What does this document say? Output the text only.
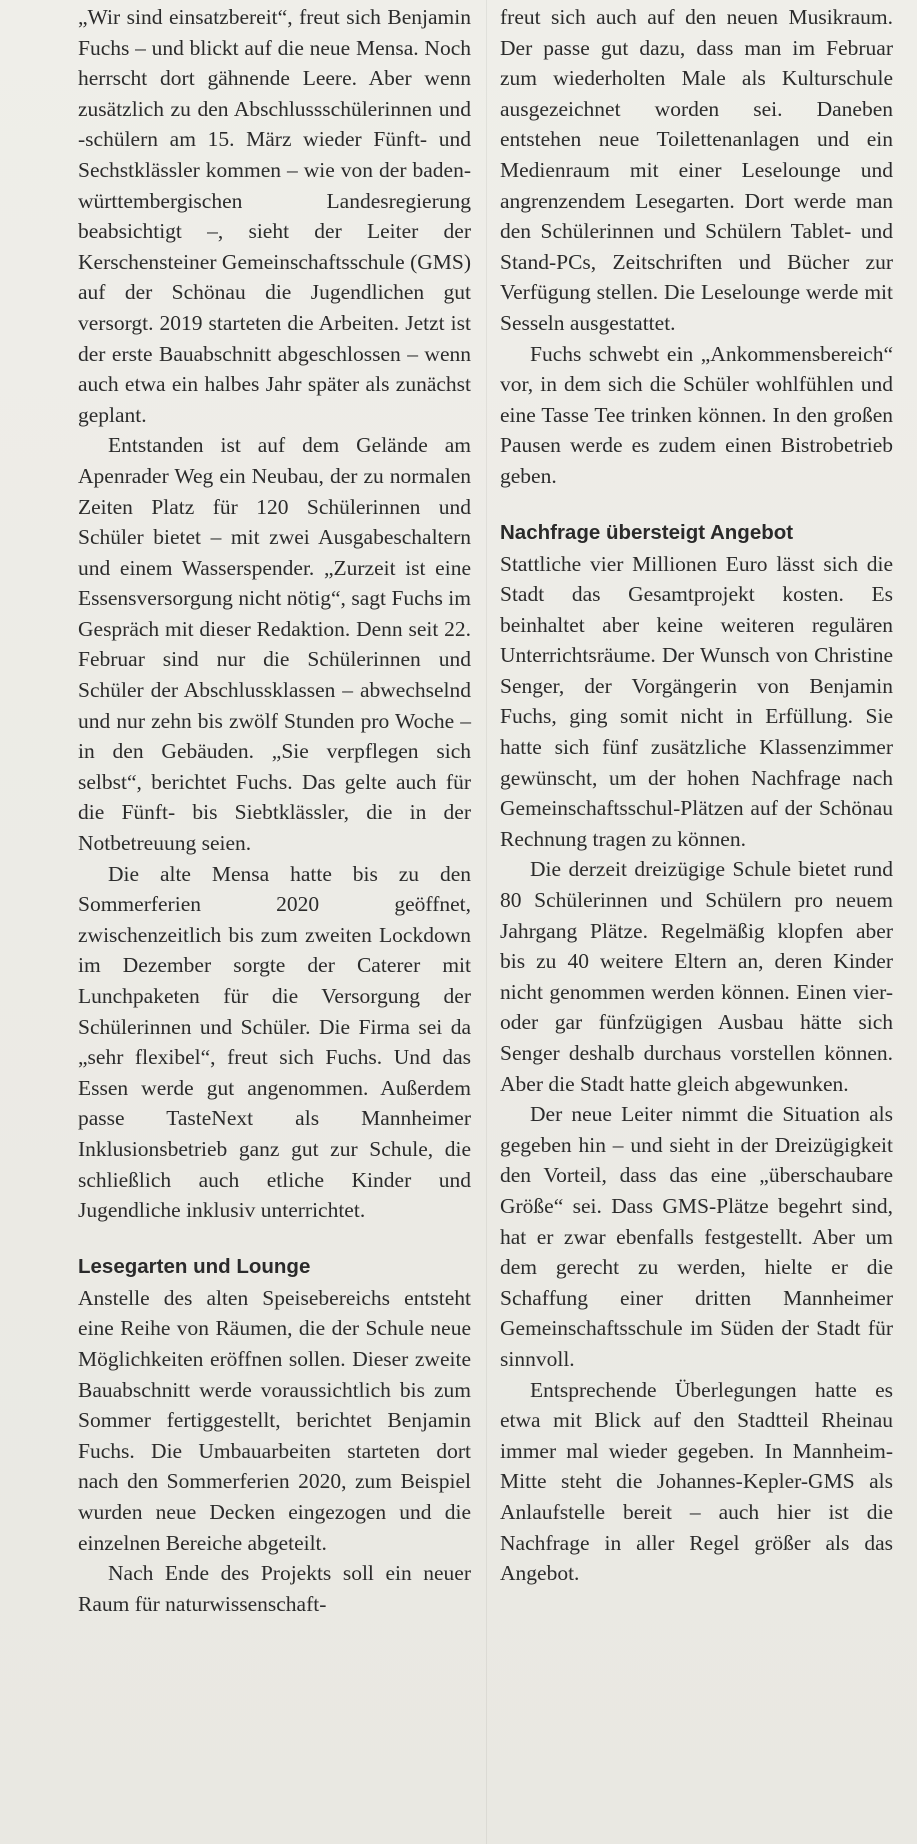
„Wir sind einsatzbereit“, freut sich Benjamin Fuchs – und blickt auf die neue Mensa. Noch herrscht dort gähnende Leere. Aber wenn zusätzlich zu den Abschlussschülerinnen und -schülern am 15. März wieder Fünft- und Sechstklässler kommen – wie von der baden-württembergischen Landesregierung beabsichtigt –, sieht der Leiter der Kerschensteiner Gemeinschaftsschule (GMS) auf der Schönau die Jugendlichen gut versorgt. 2019 starteten die Arbeiten. Jetzt ist der erste Bauabschnitt abgeschlossen – wenn auch etwa ein halbes Jahr später als zunächst geplant.

Entstanden ist auf dem Gelände am Apenrader Weg ein Neubau, der zu normalen Zeiten Platz für 120 Schülerinnen und Schüler bietet – mit zwei Ausgabeschaltern und einem Wasserspender. „Zurzeit ist eine Essensversorgung nicht nötig“, sagt Fuchs im Gespräch mit dieser Redaktion. Denn seit 22. Februar sind nur die Schülerinnen und Schüler der Abschlussklassen – abwechselnd und nur zehn bis zwölf Stunden pro Woche – in den Gebäuden. „Sie verpflegen sich selbst“, berichtet Fuchs. Das gelte auch für die Fünft- bis Siebtklässler, die in der Notbetreuung seien.

Die alte Mensa hatte bis zu den Sommerferien 2020 geöffnet, zwischenzeitlich bis zum zweiten Lockdown im Dezember sorgte der Caterer mit Lunchpaketen für die Versorgung der Schülerinnen und Schüler. Die Firma sei da „sehr flexibel“, freut sich Fuchs. Und das Essen werde gut angenommen. Außerdem passe TasteNext als Mannheimer Inklusionsbetrieb ganz gut zur Schule, die schließlich auch etliche Kinder und Jugendliche inklusiv unterrichtet.

Lesegarten und Lounge

Anstelle des alten Speisebereichs entsteht eine Reihe von Räumen, die der Schule neue Möglichkeiten eröffnen sollen. Dieser zweite Bauabschnitt werde voraussichtlich bis zum Sommer fertiggestellt, berichtet Benjamin Fuchs. Die Umbauarbeiten starteten dort nach den Sommerferien 2020, zum Beispiel wurden neue Decken eingezogen und die einzelnen Bereiche abgeteilt.

Nach Ende des Projekts soll ein neuer Raum für naturwissenschaft-

freut sich auch auf den neuen Musikraum. Der passe gut dazu, dass man im Februar zum wiederholten Male als Kulturschule ausgezeichnet worden sei. Daneben entstehen neue Toilettenanlagen und ein Medienraum mit einer Leselounge und angrenzendem Lesegarten. Dort werde man den Schülerinnen und Schülern Tablet- und Stand-PCs, Zeitschriften und Bücher zur Verfügung stellen. Die Leselounge werde mit Sesseln ausgestattet.

Fuchs schwebt ein „Ankommensbereich“ vor, in dem sich die Schüler wohlfühlen und eine Tasse Tee trinken können. In den großen Pausen werde es zudem einen Bistrobetrieb geben.

Nachfrage übersteigt Angebot

Stattliche vier Millionen Euro lässt sich die Stadt das Gesamtprojekt kosten. Es beinhaltet aber keine weiteren regulären Unterrichtsräume. Der Wunsch von Christine Senger, der Vorgängerin von Benjamin Fuchs, ging somit nicht in Erfüllung. Sie hatte sich fünf zusätzliche Klassenzimmer gewünscht, um der hohen Nachfrage nach Gemeinschaftsschul-Plätzen auf der Schönau Rechnung tragen zu können.

Die derzeit dreizügige Schule bietet rund 80 Schülerinnen und Schülern pro neuem Jahrgang Plätze. Regelmäßig klopfen aber bis zu 40 weitere Eltern an, deren Kinder nicht genommen werden können. Einen vier- oder gar fünfzügigen Ausbau hätte sich Senger deshalb durchaus vorstellen können. Aber die Stadt hatte gleich abgewunken.

Der neue Leiter nimmt die Situation als gegeben hin – und sieht in der Dreizügigkeit den Vorteil, dass das eine „überschaubare Größe“ sei. Dass GMS-Plätze begehrt sind, hat er zwar ebenfalls festgestellt. Aber um dem gerecht zu werden, hielte er die Schaffung einer dritten Mannheimer Gemeinschaftsschule im Süden der Stadt für sinnvoll.

Entsprechende Überlegungen hatte es etwa mit Blick auf den Stadtteil Rheinau immer mal wieder gegeben. In Mannheim-Mitte steht die Johannes-Kepler-GMS als Anlaufstelle bereit – auch hier ist die Nachfrage in aller Regel größer als das Angebot.
